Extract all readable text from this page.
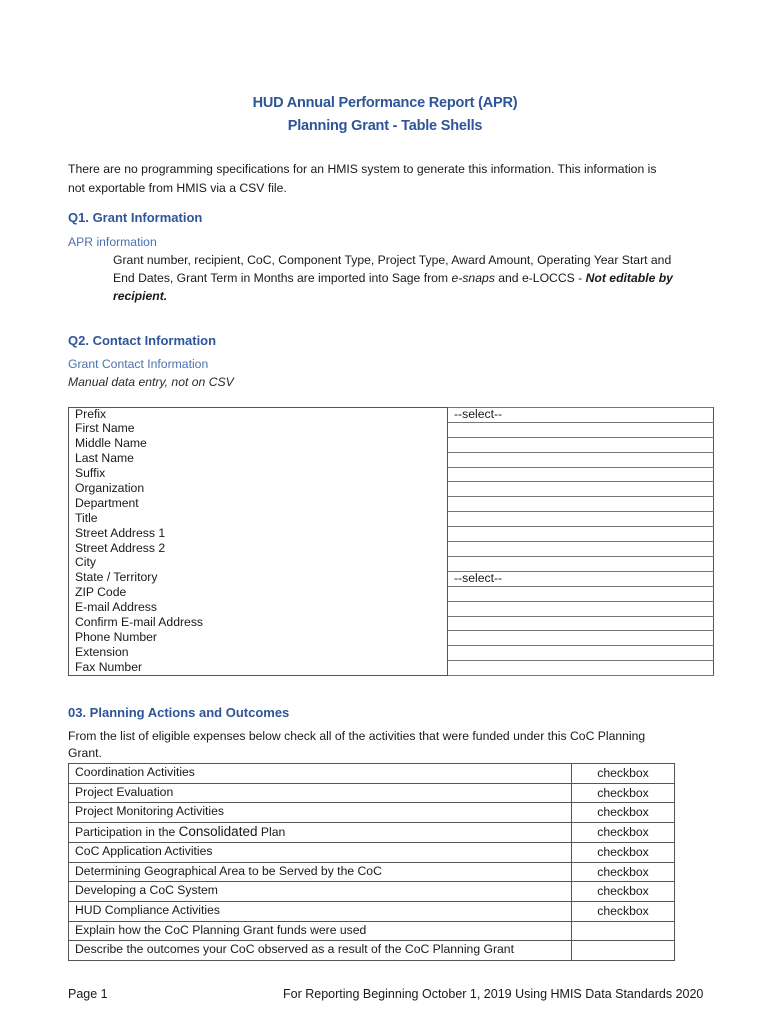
HUD Annual Performance Report (APR)
Planning Grant - Table Shells
There are no programming specifications for an HMIS system to generate this information. This information is
not exportable from HMIS via a CSV file.
Q1. Grant Information
APR information
Grant number, recipient, CoC, Component Type, Project Type, Award Amount, Operating Year Start and
End Dates, Grant Term in Months are imported into Sage from e-snaps and e-LOCCS - Not editable by
recipient.
Q2. Contact Information
Grant Contact Information
Manual data entry, not on CSV
Prefix	--select--
First Name	
Middle Name	
Last Name	
Suffix	
Organization	
Department	
Title	
Street Address 1	
Street Address 2	
City	
State / Territory	--select--
ZIP Code	
E-mail Address	
Confirm E-mail Address	
Phone Number	
Extension	
Fax Number	
03. Planning Actions and Outcomes
From the list of eligible expenses below check all of the activities that were funded under this CoC Planning
Grant.
Coordination Activities	checkbox
Project Evaluation	checkbox
Project Monitoring Activities	checkbox
Participation in the Consolidated Plan	checkbox
CoC Application Activities	checkbox
Determining Geographical Area to be Served by the CoC	checkbox
Developing a CoC System	checkbox
HUD Compliance Activities	checkbox
Explain how the CoC Planning Grant funds were used	
Describe the outcomes your CoC observed as a result of the CoC Planning Grant	
Page 1	For Reporting Beginning October 1, 2019 Using HMIS Data Standards 2020
